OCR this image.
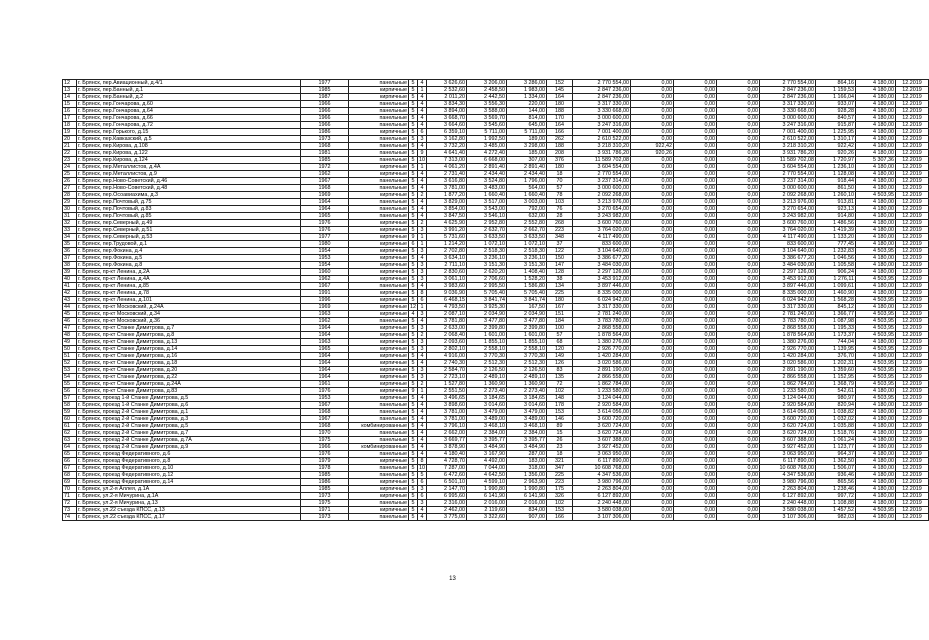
12	г. Брянск, пер.Авиационный, д.4/1	1977	панельные	5	4	3 626,60	3 206,00	3 286,00	152	2 770 554,00	0,00	0,00	0,00	2 770 554,00	864,16	4 180,00	12.2019
13	г. Брянск, пер.Банный, д.1	1985	кирпичные	5	1	2 532,60	2 458,50	1 983,00	145	2 847 236,00	0,00	0,00	0,00	2 847 236,00	1 159,53	4 180,00	12.2019
14	г. Брянск, пер.Банный, д.2	1987	кирпичные	5	4	2 011,20	2 442,50	1 334,00	164	2 847 236,00	0,00	0,00	0,00	2 847 236,00	1 166,04	4 180,00	12.2019
15	г. Брянск, пер.Гончарова, д.60	1966	панельные	5	4	3 834,30	3 556,30	220,00	180	3 317 330,00	0,00	0,00	0,00	3 317 330,00	933,07	4 180,00	12.2019
16	г. Брянск, пер.Гончарова, д.64	1966	панельные	5	4	3 894,00	3 588,00	144,00	188	3 330 668,00	0,00	0,00	0,00	3 330 668,00	928,28	4 180,00	12.2019
17	г. Брянск, пер.Гончарова, д.66	1966	панельные	5	4	3 668,70	3 569,70	814,00	170	3 000 600,00	0,00	0,00	0,00	3 000 600,00	840,57	4 180,00	12.2019
18	г. Брянск, пер.Гончарова, д.72	1966	панельные	5	4	3 664,60	3 545,60	645,00	164	3 247 316,00	0,00	0,00	0,00	3 247 316,00	915,87	4 180,00	12.2019
19	г. Брянск, пер.Горького, д.15	1986	кирпичные	5	6	6 359,10	5 711,00	5 711,00	166	7 001 400,00	0,00	0,00	0,00	7 001 400,00	1 225,95	4 180,00	12.2019
20	г. Брянск, пер.Кавказский, д.5	1973	панельные	5	3	3 162,80	1 992,50	189,00	262	2 610 522,00	0,00	0,00	0,00	2 610 522,00	1 310,17	4 180,00	12.2019
21	г. Брянск, пер.Кирова, д.108	1968	панельные	5	4	3 732,20	3 485,00	3 298,00	188	3 218 310,20	922,42	0,00	0,00	3 218 310,20	922,42	4 180,00	12.2019
22	г. Брянск, пер.Кирова, д.122	1981	панельные	5	9	4 641,40	4 272,40	185,00	208	3 931 786,20	920,26	0,00	0,00	3 931 786,20	920,26	4 180,00	12.2019
23	г. Брянск, пер.Кирова, д.124	1985	панельные	5	10	7 313,00	6 668,00	307,00	376	11 589 702,08	0,00	0,00	0,00	11 589 702,08	1 720,97	5 307,36	12.2019
24	г. Брянск, пер.Металлистов, д.4А	1972	кирпичные	5	1	4 061,20	2 891,40	2 891,40	180	3 604 554,00	0,00	0,00	0,00	3 604 554,00	1 236,10	4 180,00	12.2019
25	г. Брянск, пер.Металлистов, д.9	1962	кирпичные	5	4	2 731,40	2 434,40	2 434,40	18	2 770 554,00	0,00	0,00	0,00	2 770 554,00	1 128,08	4 180,00	12.2019
26	г. Брянск, пер.Ново-Советский, д.46	1967	панельные	5	4	3 616,80	3 524,80	1 796,00	70	3 237 314,00	0,00	0,00	0,00	3 237 314,00	918,44	4 180,00	12.2019
27	г. Брянск, пер.Ново-Советский, д.48	1968	панельные	5	4	3 781,00	3 483,00	564,00	57	3 000 600,00	0,00	0,00	0,00	3 000 600,00	861,50	4 180,00	12.2019
28	г. Брянск, пер.Осоавиахима, д.3	1969	кирпичные	5	2	1 877,20	1 660,40	1 660,40	78	2 092 268,00	0,00	0,00	0,00	2 092 268,00	1 260,10	4 503,95	12.2019
29	г. Брянск, пер.Почтовый, д.75	1964	панельные	5	4	3 829,00	3 517,00	3 003,00	103	3 213 976,00	0,00	0,00	0,00	3 213 976,00	913,81	4 180,00	12.2019
30	г. Брянск, пер.Почтовый, д.83	1964	панельные	5	4	3 854,00	3 543,00	792,00	76	3 270 654,00	0,00	0,00	0,00	3 270 654,00	923,13	4 180,00	12.2019
31	г. Брянск, пер.Почтовый, д.85	1965	панельные	5	4	3 847,50	3 546,10	632,00	28	3 243 982,00	0,00	0,00	0,00	3 243 982,00	914,80	4 180,00	12.2019
32	г. Брянск, пер.Северный, д.49	1976	кирпичные	5	2	4 625,90	2 952,80	2 552,80	268	3 600 760,00	0,00	0,00	0,00	3 600 760,00	1 486,56	4 180,00	12.2019
33	г. Брянск, пер.Северный, д.51	1976	кирпичные	5	3	3 991,20	2 632,70	2 662,70	223	3 764 020,00	0,00	0,00	0,00	3 764 020,00	1 419,39	4 180,00	12.2019
34	г. Брянск, пер.Северный, д.53	1977	кирпичные	9	1	5 731,60	3 633,50	3 633,50	348	4 117 490,00	0,00	0,00	0,00	4 117 490,00	1 133,20	4 180,00	12.2019
35	г. Брянск, пер.Трудовой, д.1	1980	кирпичные	6	1	1 214,20	1 072,10	1 072,10	37	833 600,00	0,00	0,00	0,00	833 600,00	777,45	4 180,00	12.2019
36	г. Брянск, пер.Фокина, д.4	1954	кирпичные	5	3	2 702,80	2 518,30	2 518,30	122	3 104 640,00	0,00	0,00	0,00	3 104 640,00	1 232,83	4 503,95	12.2019
37	г. Брянск, пер.Фокина, д.5	1953	кирпичные	5	4	3 634,10	3 236,10	3 236,10	150	3 386 677,20	0,00	0,00	0,00	3 386 677,20	1 046,56	4 180,00	12.2019
38	г. Брянск, пер.Фокина, д.8	1954	кирпичные	5	3	2 711,10	3 151,30	3 151,30	147	3 484 030,00	0,00	0,00	0,00	3 484 030,00	1 105,58	4 180,00	12.2019
39	г. Брянск, пр-кт Ленина, д.2А	1960	кирпичные	5	3	2 830,60	2 620,20	1 408,40	128	2 297 126,00	0,00	0,00	0,00	2 297 126,00	906,24	4 180,00	12.2019
40	г. Брянск, пр-кт Ленина, д.4А	1962	кирпичные	5	3	3 061,10	2 706,60	1 528,20	38	3 453 912,00	0,00	0,00	0,00	3 453 912,00	1 276,11	4 503,95	12.2019
41	г. Брянск, пр-кт Ленина, д.85	1967	панельные	5	4	3 983,60	2 995,50	1 586,80	134	3 897 446,00	0,00	0,00	0,00	3 897 446,00	1 099,61	4 180,00	12.2019
42	г. Брянск, пр-кт Ленина, д.78	1991	кирпичные	5	8	9 036,90	5 705,40	5 705,40	225	8 335 000,00	0,00	0,00	0,00	8 335 000,00	1 460,90	4 180,00	12.2019
43	г. Брянск, пр-кт Ленина, д.101	1996	кирпичные	5	6	6 468,15	3 841,74	3 841,74	180	6 024 942,00	0,00	0,00	0,00	6 024 942,00	1 568,28	4 503,95	12.2019
44	г. Брянск, пр-кт Московский, д.24А	1969	кирпичные	12	1	4 793,50	3 925,30	167,50	167	3 317 330,00	0,00	0,00	0,00	3 317 330,00	845,12	4 180,00	12.2019
45	г. Брянск, пр-кт Московский, д.34	1963	кирпичные	4	3	2 087,10	2 034,90	2 034,90	151	2 781 240,00	0,00	0,00	0,00	2 781 240,00	1 366,77	4 503,95	12.2019
46	г. Брянск, пр-кт Московский, д.36	1962	панельные	5	4	3 781,80	3 477,80	3 477,80	184	3 783 780,00	0,00	0,00	0,00	3 783 780,00	1 087,98	4 503,95	12.2019
47	г. Брянск, пр-кт Станке Димитрова, д.7	1964	кирпичные	5	3	2 633,00	2 399,80	2 399,80	100	2 868 558,00	0,00	0,00	0,00	2 868 558,00	1 195,33	4 503,95	12.2019
48	г. Брянск, пр-кт Станке Димитрова, д.8	1964	кирпичные	5	2	2 068,40	1 601,00	1 601,00	57	1 878 564,00	0,00	0,00	0,00	1 878 564,00	1 173,37	4 503,95	12.2019
49	г. Брянск, пр-кт Станке Димитрова, д.13	1963	кирпичные	5	3	2 093,60	1 855,10	1 855,10	68	1 380 276,00	0,00	0,00	0,00	1 380 276,00	744,04	4 180,00	12.2019
50	г. Брянск, пр-кт Станке Димитрова, д.14	1965	кирпичные	5	3	2 802,10	2 558,10	2 558,10	120	2 926 770,00	0,00	0,00	0,00	2 926 770,00	1 139,95	4 503,95	12.2019
51	г. Брянск, пр-кт Станке Димитрова, д.16	1964	кирпичные	5	4	4 916,00	3 770,30	3 770,30	149	1 420 284,00	0,00	0,00	0,00	1 420 284,00	376,70	4 180,00	12.2019
52	г. Брянск, пр-кт Станке Димитрова, д.18	1964	кирпичные	5	4	2 740,30	2 512,30	2 512,30	126	3 020 586,00	0,00	0,00	0,00	3 020 586,00	1 202,31	4 503,95	12.2019
53	г. Брянск, пр-кт Станке Димитрова, д.20	1964	кирпичные	5	3	2 584,70	2 126,50	2 126,50	83	2 891 190,00	0,00	0,00	0,00	2 891 190,00	1 359,60	4 503,95	12.2019
54	г. Брянск, пр-кт Станке Димитрова, д.22	1964	кирпичные	5	3	2 723,10	2 489,10	2 489,10	135	2 866 558,00	0,00	0,00	0,00	2 866 558,00	1 152,95	4 503,95	12.2019
55	г. Брянск, пр-кт Станке Димитрова, д.24А	1961	кирпичные	5	2	1 527,80	1 360,90	1 360,90	72	1 862 784,00	0,00	0,00	0,00	1 862 784,00	1 368,79	4 503,95	12.2019
56	г. Брянск, пр-кт Станке Димитрова, д.83	1976	кирпичные	9	1	2 551,50	2 273,40	2 273,40	102	1 233 580,00	0,00	0,00	0,00	1 233 580,00	542,61	4 180,00	12.2019
57	г. Брянск, проезд 1-й Станке Димитрова, д.5	1953	кирпичные	5	4	3 496,65	3 184,65	3 184,65	148	3 124 044,00	0,00	0,00	0,00	3 124 044,00	980,97	4 503,95	12.2019
58	г. Брянск, проезд 1-й Станке Димитрова, д.6	1967	панельные	5	4	3 898,60	3 014,60	3 014,60	178	2 920 584,00	0,00	0,00	0,00	2 920 584,00	820,94	4 180,00	12.2019
59	г. Брянск, проезд 2-й Станке Димитрова, д.1	1968	панельные	5	4	3 781,00	3 479,00	3 479,00	153	3 614 056,00	0,00	0,00	0,00	3 614 056,00	1 038,82	4 180,00	12.2019
60	г. Брянск, проезд 2-й Станке Димитрова, д.3	1967	панельные	5	4	3 781,00	3 489,00	3 489,00	146	3 600 720,00	0,00	0,00	0,00	3 600 720,00	1 032,02	4 180,00	12.2019
61	г. Брянск, проезд 2-й Станке Димитрова, д.5	1968	комбинированные	5	4	3 796,10	3 468,10	3 468,10	89	3 620 724,00	0,00	0,00	0,00	3 620 724,00	1 035,88	4 180,00	12.2019
62	г. Брянск, проезд 2-й Станке Димитрова, д.7	1970	панельные	5	4	2 662,00	2 384,00	2 384,00	15	3 620 724,00	0,00	0,00	0,00	3 620 724,00	1 518,76	4 180,00	12.2019
63	г. Брянск, проезд 2-й Станке Димитрова, д.7А	1975	панельные	5	4	3 669,77	3 395,77	3 395,77	26	3 607 388,00	0,00	0,00	0,00	3 607 388,00	1 061,24	4 180,00	12.2019
64	г. Брянск, проезд 2-й Станке Димитрова, д.9	1966	комбинированные	5	4	3 878,90	3 484,90	3 484,90	23	3 927 452,00	0,00	0,00	0,00	3 927 452,00	1 123,77	4 180,00	12.2019
65	г. Брянск, проезд Федеративного, д.6	1976	панельные	5	4	4 180,40	3 167,90	287,00	18	3 063 950,00	0,00	0,00	0,00	3 063 950,00	964,37	4 180,00	12.2019
66	г. Брянск, проезд Федеративного, д.8	1979	кирпичные	5	8	4 728,70	4 492,00	183,00	321	6 117 890,00	0,00	0,00	0,00	6 117 890,00	1 362,50	4 180,00	12.2019
67	г. Брянск, проезд Федеративного, д.10	1978	панельные	5	10	7 287,00	7 044,00	318,00	347	10 608 768,00	0,00	0,00	0,00	10 608 768,00	1 506,07	4 180,00	12.2019
68	г. Брянск, проезд Федеративного, д.12	1985	панельные	5	5	6 472,60	4 642,50	1 356,00	225	4 347 536,00	0,00	0,00	0,00	4 347 536,00	936,46	4 180,00	12.2019
69	г. Брянск, проезд Федеративного, д.14	1986	кирпичные	5	6	6 501,10	4 599,10	2 963,90	223	3 980 796,00	0,00	0,00	0,00	3 980 796,00	865,56	4 180,00	12.2019
70	г. Брянск, ул.2-я Аллея, д.1А	1985	кирпичные	5	3	2 147,70	1 990,80	1 990,80	175	2 263 804,00	0,00	0,00	0,00	2 263 804,00	1 238,46	4 180,00	12.2019
71	г. Брянск, ул.2-я Мичурина, д.1А	1973	кирпичные	5	6	6 995,60	6 141,90	6 141,90	326	6 127 892,00	0,00	0,00	0,00	6 127 892,00	997,72	4 180,00	12.2019
72	г. Брянск, ул.2-я Мичурина, д.13	1975	панельные	5	3	2 316,00	2 016,00	2 016,00	102	2 240 448,00	0,00	0,00	0,00	2 240 448,00	1 108,88	4 180,00	12.2019
73	г. Брянск, ул.22 съезда КПСС, д.13	1971	кирпичные	5	4	2 462,00	2 119,60	834,00	153	3 580 038,00	0,00	0,00	0,00	3 580 038,00	1 457,52	4 503,95	12.2019
74	г. Брянск, ул.22 съезда КПСС, д.17	1973	панельные	5	4	3 775,00	3 322,60	907,00	166	3 107 306,00	0,00	0,00	0,00	3 107 306,00	982,03	4 180,00	12.2019
13
